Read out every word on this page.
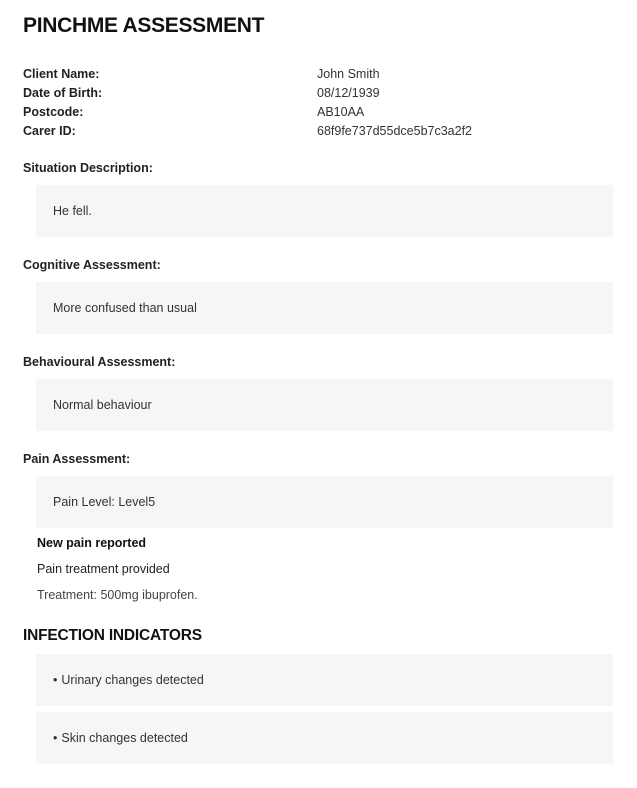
PINCHME ASSESSMENT
Client Name:	John Smith
Date of Birth:	08/12/1939
Postcode:	AB10AA
Carer ID:	68f9fe737d55dce5b7c3a2f2
Situation Description:
He fell.
Cognitive Assessment:
More confused than usual
Behavioural Assessment:
Normal behaviour
Pain Assessment:
Pain Level: Level5
New pain reported
Pain treatment provided
Treatment: 500mg ibuprofen.
INFECTION INDICATORS
• Urinary changes detected
• Skin changes detected
